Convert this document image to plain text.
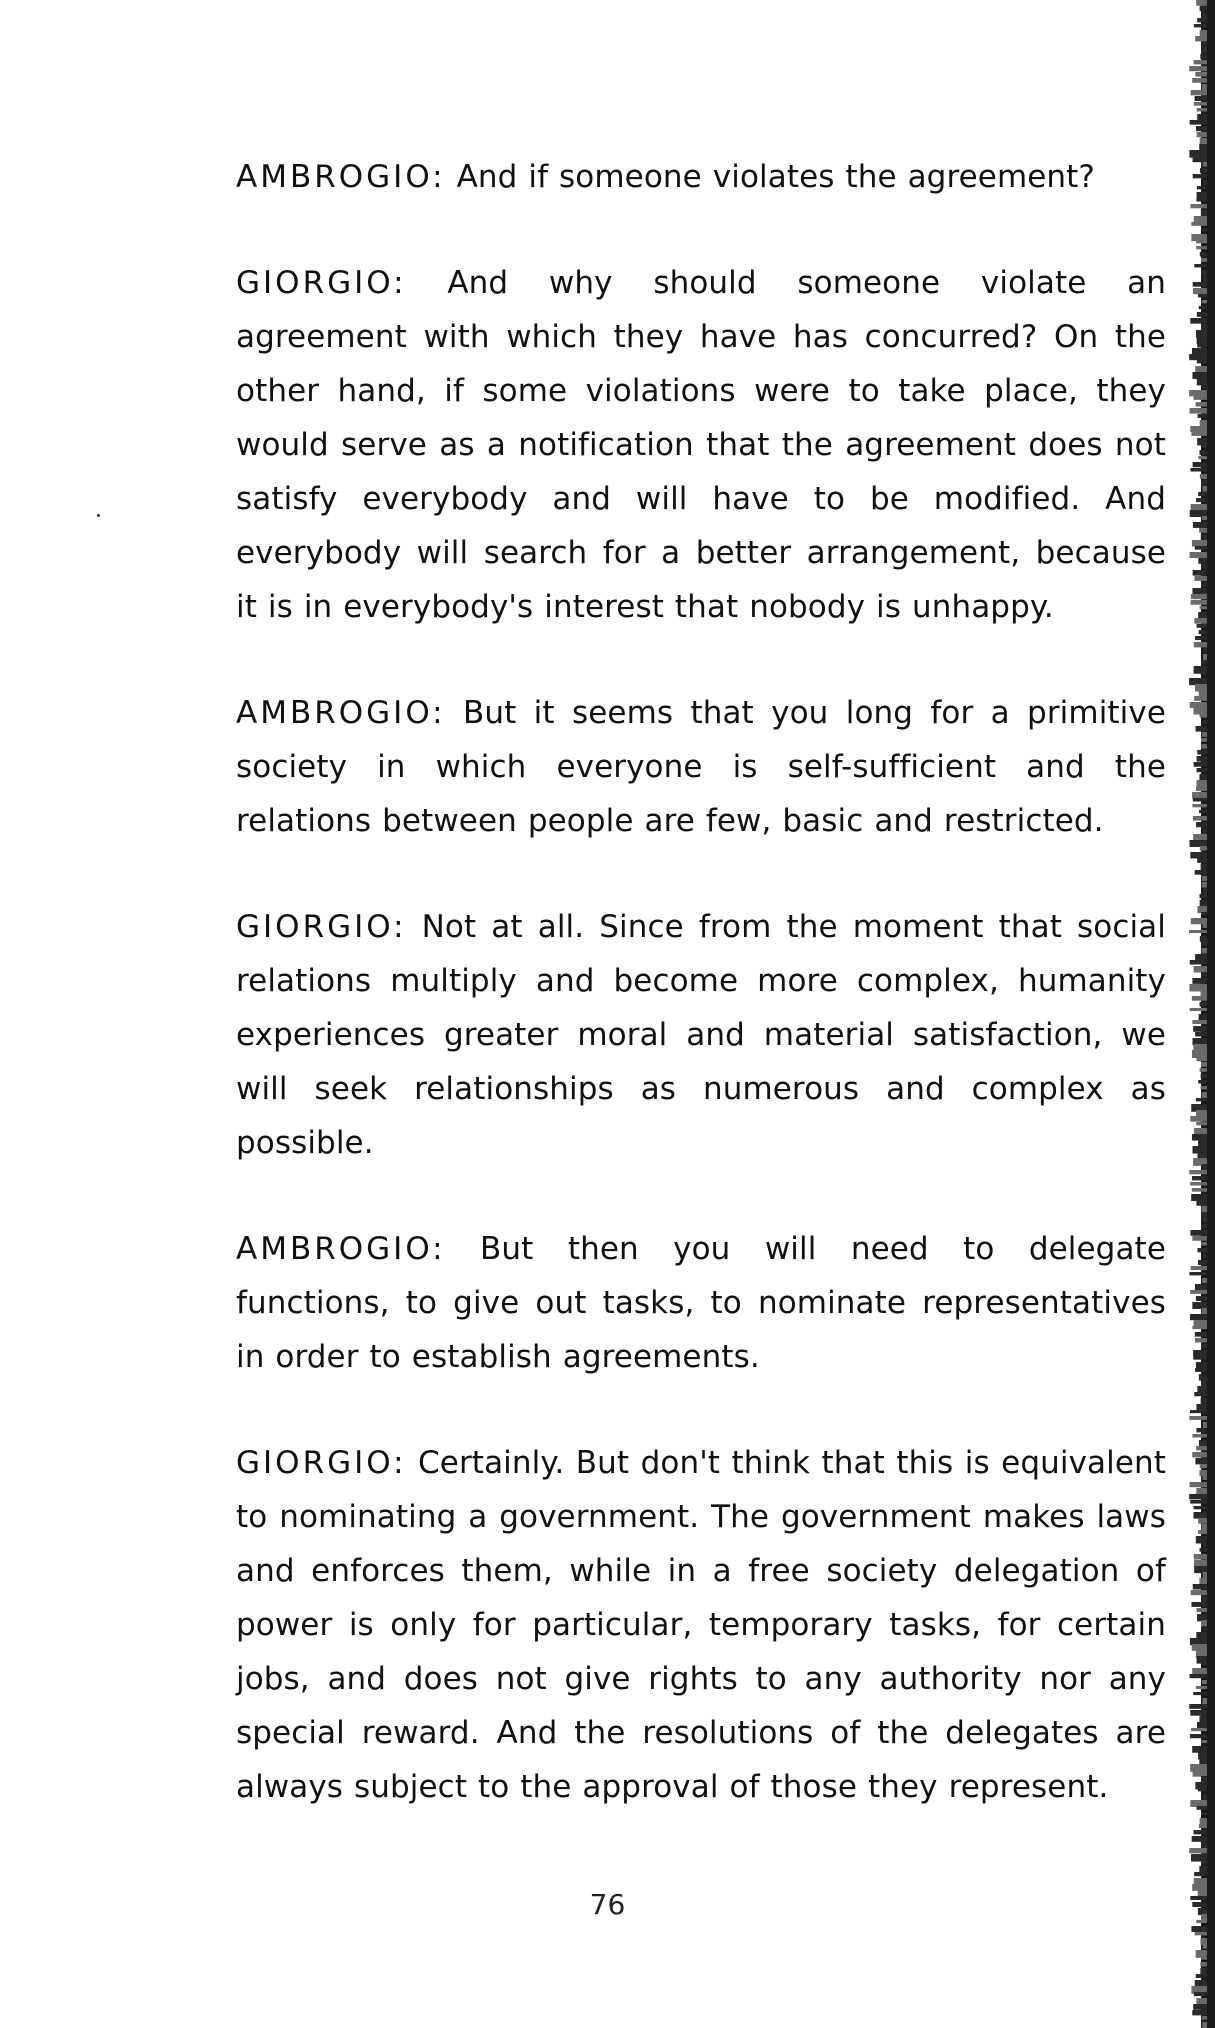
AMBROGIO: And if someone violates the agreement?

GIORGIO: And why should someone violate an agreement with which they have has concurred? On the other hand, if some violations were to take place, they would serve as a notification that the agreement does not satisfy everybody and will have to be modified. And everybody will search for a better arrangement, because it is in everybody's interest that nobody is unhappy.

AMBROGIO: But it seems that you long for a primitive society in which everyone is self-sufficient and the relations between people are few, basic and restricted.

GIORGIO: Not at all. Since from the moment that social relations multiply and become more complex, humanity experiences greater moral and material satisfaction, we will seek relationships as numerous and complex as possible.

AMBROGIO: But then you will need to delegate functions, to give out tasks, to nominate representatives in order to establish agreements.

GIORGIO: Certainly. But don't think that this is equivalent to nominating a government. The government makes laws and enforces them, while in a free society delegation of power is only for particular, temporary tasks, for certain jobs, and does not give rights to any authority nor any special reward. And the resolutions of the delegates are always subject to the approval of those they represent.

76
